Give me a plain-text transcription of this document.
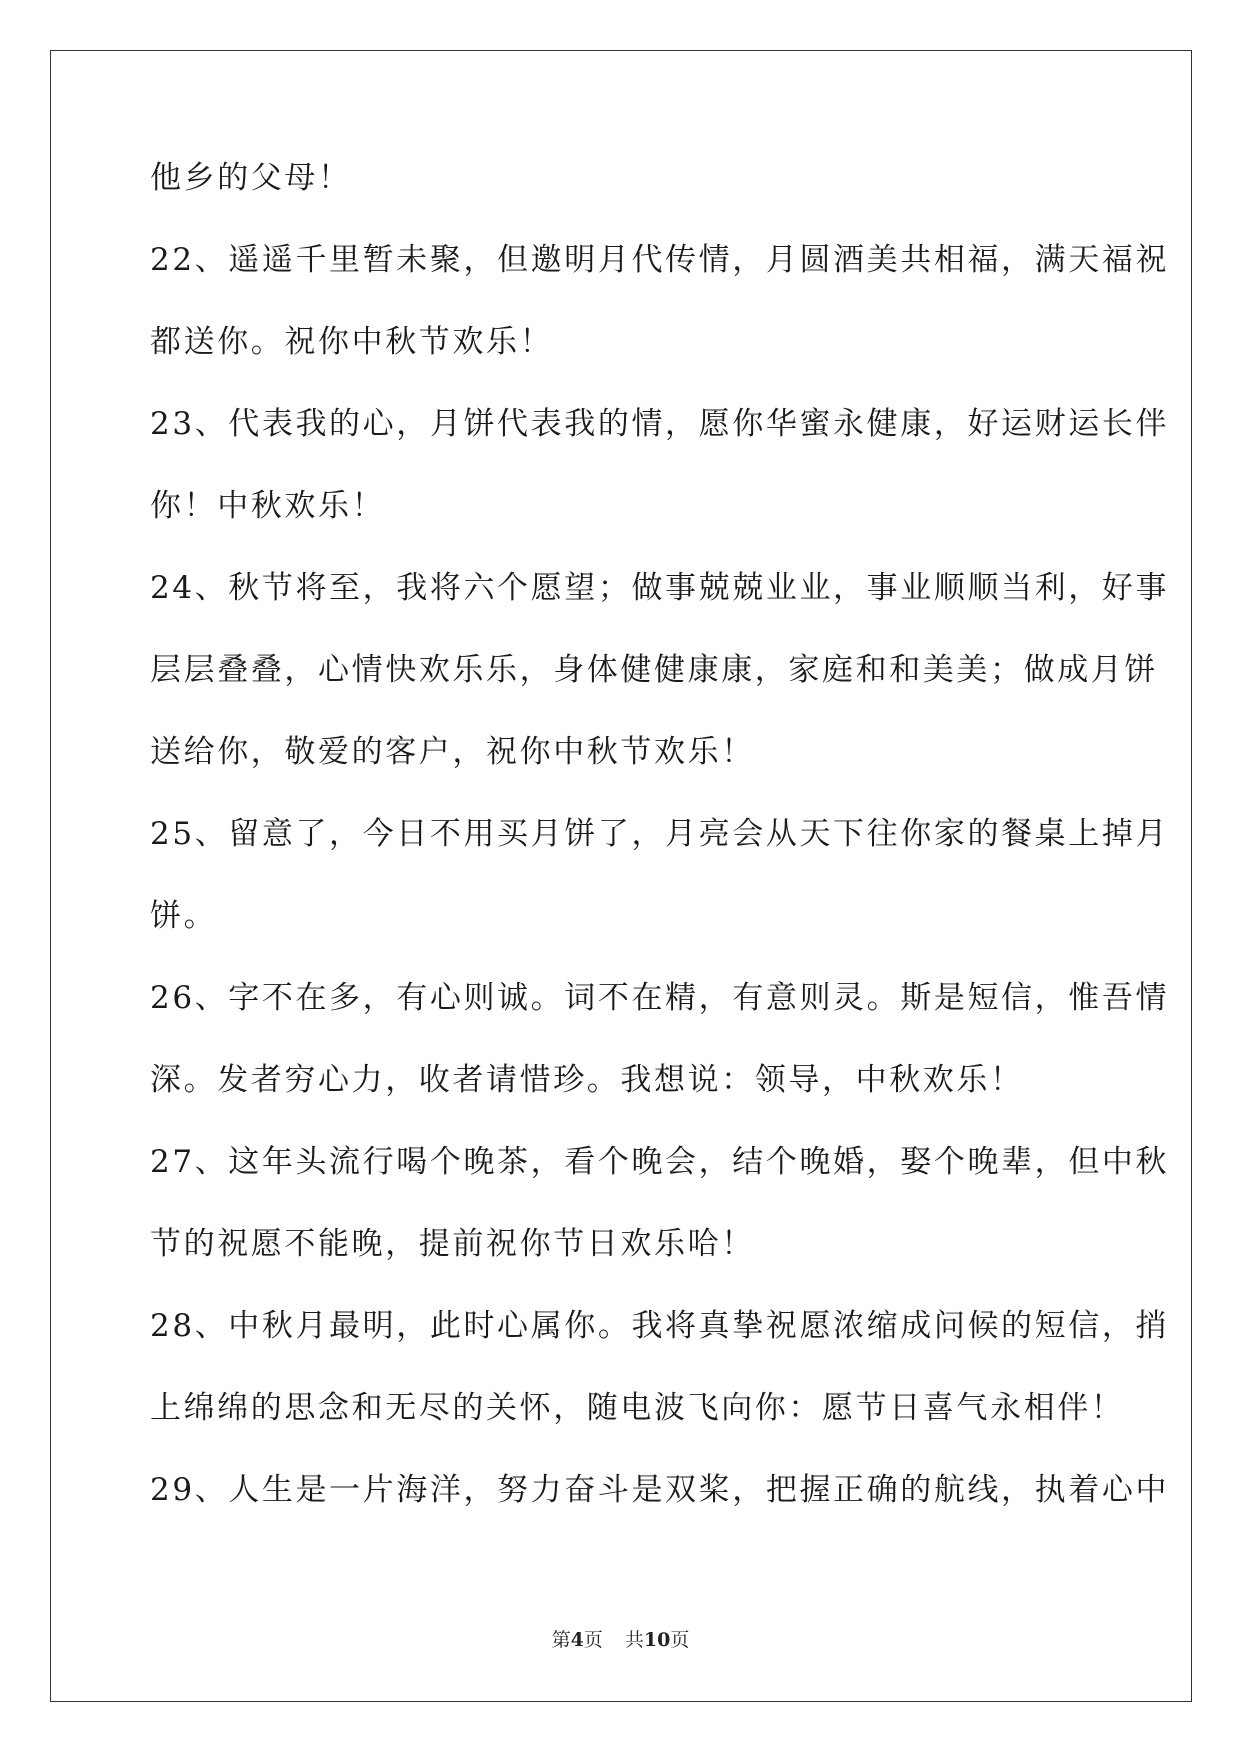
他乡的父母！
22、遥遥千里暂未聚，但邀明月代传情，月圆酒美共相福，满天福祝
都送你。祝你中秋节欢乐！
23、代表我的心，月饼代表我的情，愿你华蜜永健康，好运财运长伴
你！中秋欢乐！
24、秋节将至，我将六个愿望；做事兢兢业业，事业顺顺当利，好事
层层叠叠，心情快欢乐乐，身体健健康康，家庭和和美美；做成月饼
送给你，敬爱的客户，祝你中秋节欢乐！
25、留意了，今日不用买月饼了，月亮会从天下往你家的餐桌上掉月
饼。
26、字不在多，有心则诚。词不在精，有意则灵。斯是短信，惟吾情
深。发者穷心力，收者请惜珍。我想说：领导，中秋欢乐！
27、这年头流行喝个晚茶，看个晚会，结个晚婚，娶个晚辈，但中秋
节的祝愿不能晚，提前祝你节日欢乐哈！
28、中秋月最明，此时心属你。我将真挚祝愿浓缩成问候的短信，捎
上绵绵的思念和无尽的关怀，随电波飞向你：愿节日喜气永相伴！
29、人生是一片海洋，努力奋斗是双桨，把握正确的航线，执着心中
第4页 共10页
